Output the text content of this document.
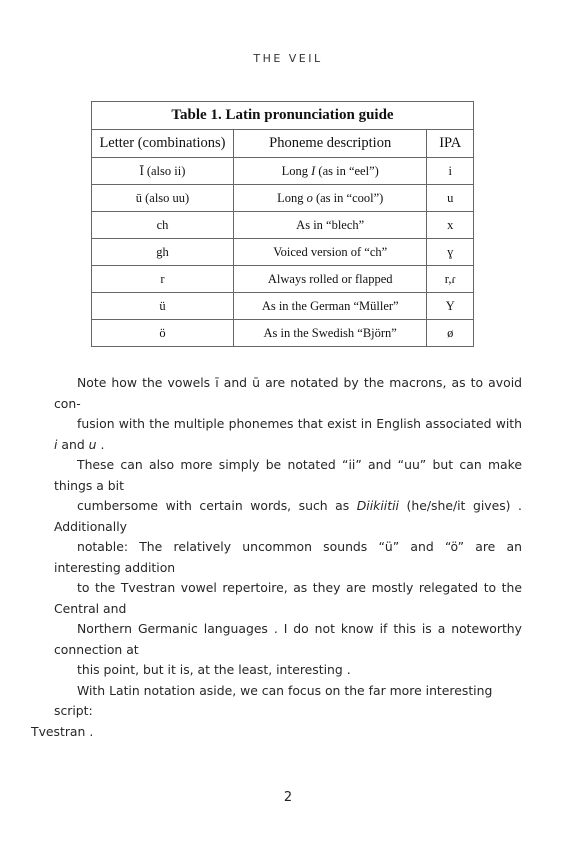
THE VEIL
Table 1. Latin pronunciation guide		
Letter (combinations)	Phoneme description	IPA
Ī (also ii)	Long I (as in “eel”)	i
ū (also uu)	Long o (as in “cool”)	u
ch	As in “blech”	x
gh	Voiced version of “ch”	ɣ
r	Always rolled or flapped	r,ɾ
ü	As in the German “Müller”	Y
ö	As in the Swedish “Björn”	ø

Note how the vowels ī and ū are notated by the macrons, as to avoid con-
fusion with the multiple phonemes that exist in English associated with i and u .
These can also more simply be notated “ii” and “uu” but can make things a bit
cumbersome with certain words, such as Diikiitii (he/she/it gives) . Additionally
notable: The relatively uncommon sounds “ü” and “ö” are an interesting addition
to the Tvestran vowel repertoire, as they are mostly relegated to the Central and
Northern Germanic languages . I do not know if this is a noteworthy connection at
this point, but it is, at the least, interesting .

With Latin notation aside, we can focus on the far more interesting script:
Tvestran .

2
